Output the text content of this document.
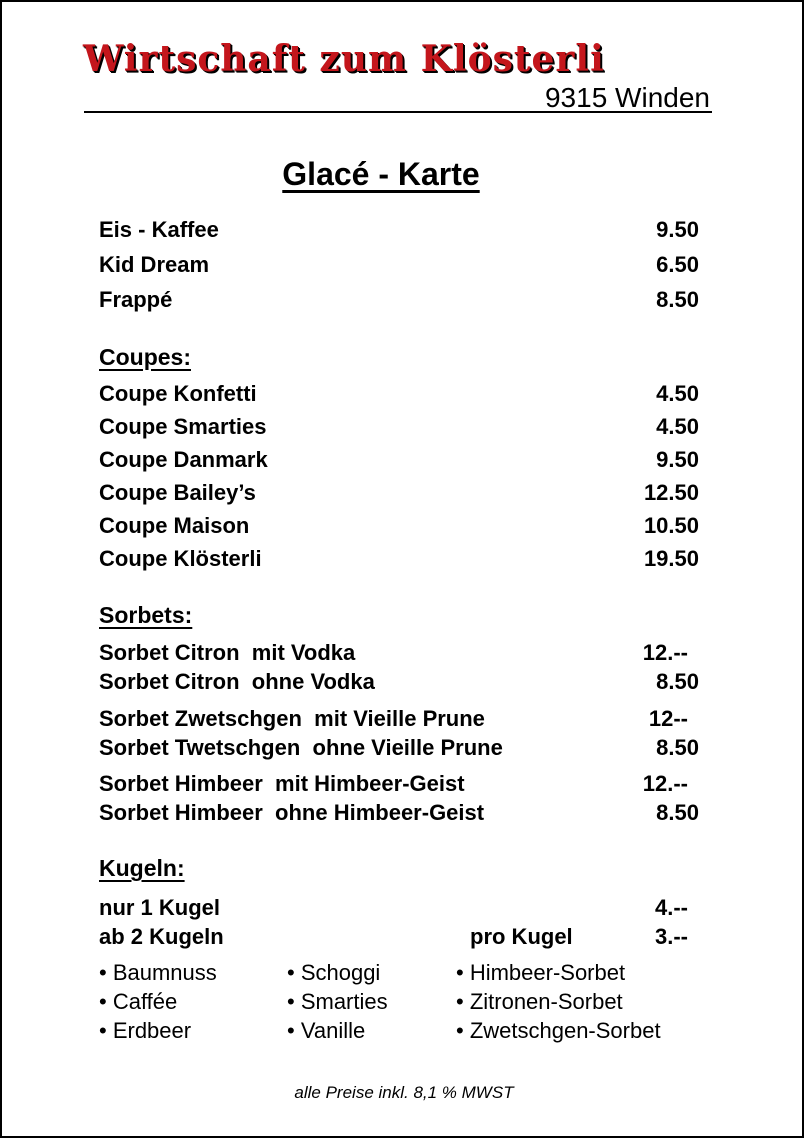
Wirtschaft zum Klösterli
9315 Winden
Glacé - Karte
Eis - Kaffee	9.50
Kid Dream	6.50
Frappé	8.50
Coupes:
Coupe Konfetti	4.50
Coupe Smarties	4.50
Coupe Danmark	9.50
Coupe Bailey’s	12.50
Coupe Maison	10.50
Coupe Klösterli	19.50
Sorbets:
Sorbet Citron  mit Vodka	12.--
Sorbet Citron  ohne Vodka	8.50
Sorbet Zwetschgen  mit Vieille Prune	12--
Sorbet Twetschgen  ohne Vieille Prune	8.50
Sorbet Himbeer  mit Himbeer-Geist	12.--
Sorbet Himbeer  ohne Himbeer-Geist	8.50
Kugeln:
nur 1 Kugel	4.--
ab 2 Kugeln	pro Kugel	3.--
• Baumnuss
• Caffée
• Erdbeer
• Schoggi
• Smarties
• Vanille
• Himbeer-Sorbet
• Zitronen-Sorbet
• Zwetschgen-Sorbet
alle Preise inkl. 8,1 % MWST
